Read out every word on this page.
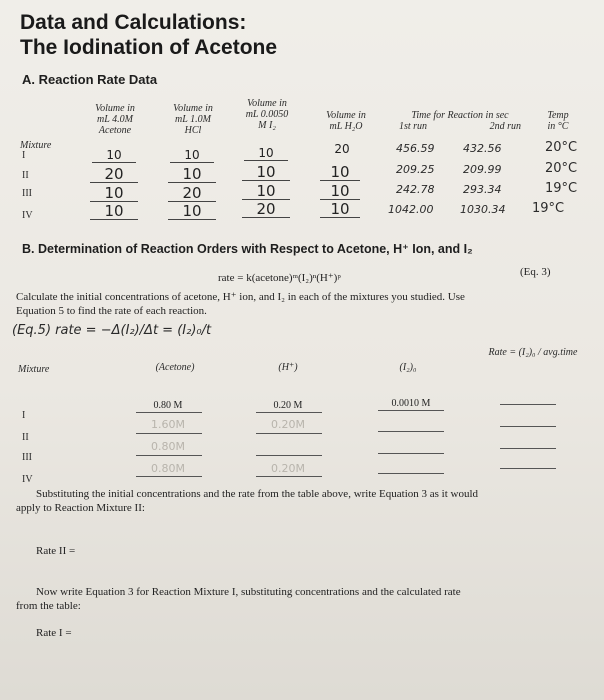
Data and Calculations:
The Iodination of Acetone
A. Reaction Rate Data
Mixture
Volume in
mL 4.0M
Acetone
Volume in
mL 1.0M
HCl
Volume in
mL 0.0050
M I₂
Volume in
mL H₂O
Time for Reaction in sec
1st run	2nd run
Temp
in °C
I	10	10	10	20	456.59	432.56	20°C
II	20	10	10	10	209.25	209.99	20°C
III	10	20	10	10	242.78	293.34	19°C
IV	10	10	20	10	1042.00 1030.34 19°C
B. Determination of Reaction Orders with Respect to Acetone, H⁺ Ion, and I₂
rate = k(acetone)ᵐ(I₂)ⁿ(H⁺)ᵖ	(Eq. 3)
Calculate the initial concentrations of acetone, H⁺ ion, and I₂ in each of the mixtures you studied. Use
Equation 5 to find the rate of each reaction.
(Eq.5) rate = −Δ(I₂)/Δt = (I₂)₀/t
Mixture	(Acetone)	(H⁺)	(I₂)₀
Rate = (I₂)₀ / avg.time
I
0.80 M	0.20 M	0.0010 M
II
1.60M	0.20M
III
0.80M
IV
0.80M	0.20M
Substituting the initial concentrations and the rate from the table above, write Equation 3 as it would
apply to Reaction Mixture II:
Rate II =
Now write Equation 3 for Reaction Mixture I, substituting concentrations and the calculated rate
from the table:
Rate I =
